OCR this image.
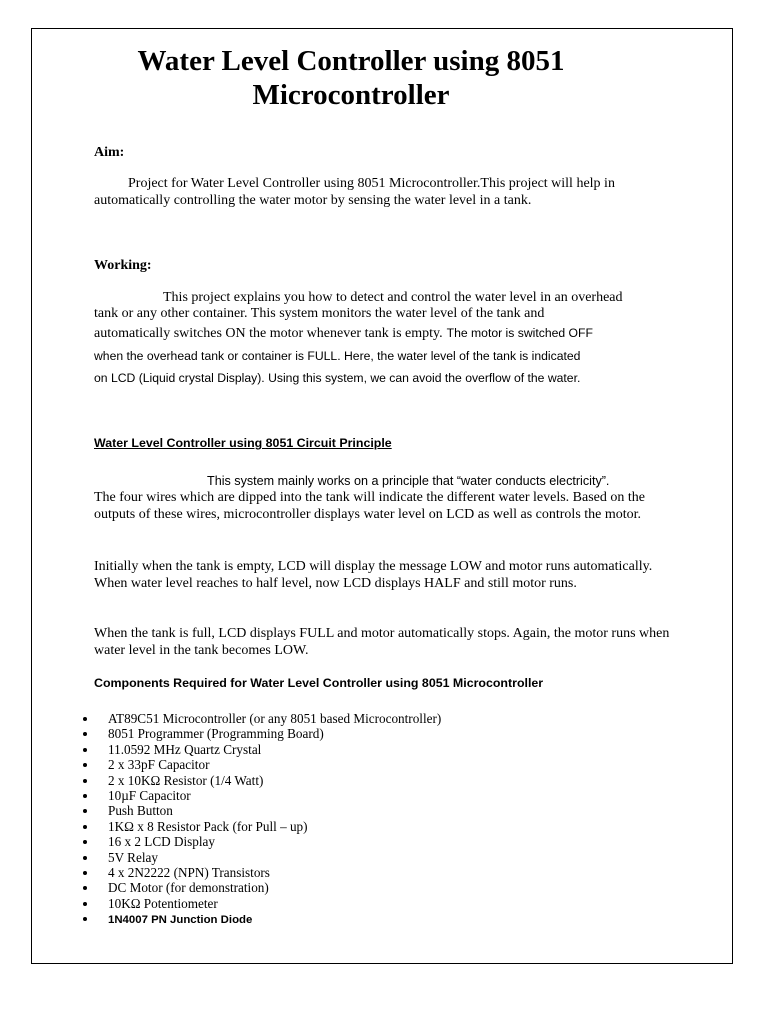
Water Level Controller using 8051
Microcontroller
Aim:

Project for Water Level Controller using 8051 Microcontroller.This project will help in automatically controlling the water motor by sensing the water level in a tank.

Working:
This project explains you how to detect and control the water level in an overhead
tank or any other container. This system monitors the water level of the tank and
automatically switches ON the motor whenever tank is empty. The motor is switched OFF
when the overhead tank or container is FULL. Here, the water level of the tank is indicated
on LCD (Liquid crystal Display). Using this system, we can avoid the overflow of the water.
Water Level Controller using 8051 Circuit Principle
This system mainly works on a principle that “water conducts electricity”.

The four wires which are dipped into the tank will indicate the different water levels. Based on the outputs of these wires, microcontroller displays water level on LCD as well as controls the motor.

Initially when the tank is empty, LCD will display the message LOW and motor runs automatically. When water level reaches to half level, now LCD displays HALF and still motor runs.

When the tank is full, LCD displays FULL and motor automatically stops. Again, the motor runs when water level in the tank becomes LOW.

Components Required for Water Level Controller using 8051 Microcontroller
AT89C51 Microcontroller (or any 8051 based Microcontroller)
8051 Programmer (Programming Board)
11.0592 MHz Quartz Crystal
2 x 33pF Capacitor
2 x 10KΩ Resistor (1/4 Watt)
10µF Capacitor
Push Button
1KΩ x 8 Resistor Pack (for Pull – up)
16 x 2 LCD Display
5V Relay
4 x 2N2222 (NPN) Transistors
DC Motor (for demonstration)
10KΩ Potentiometer
1N4007 PN Junction Diode
